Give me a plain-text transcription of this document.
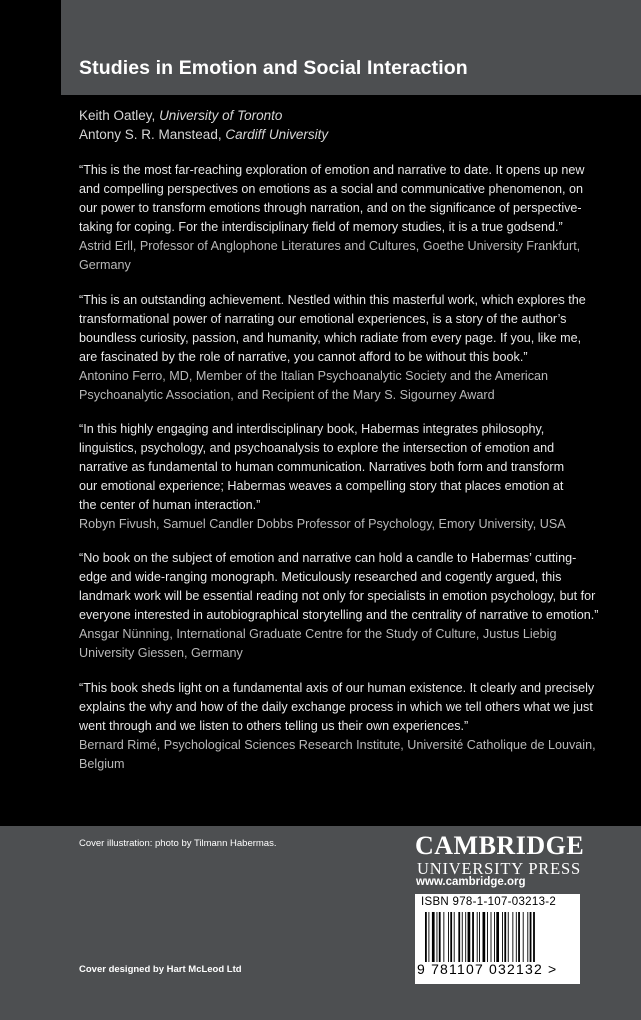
Studies in Emotion and Social Interaction
Keith Oatley, University of Toronto
Antony S. R. Manstead, Cardiff University

“This is the most far-reaching exploration of emotion and narrative to date. It opens up new

and compelling perspectives on emotions as a social and communicative phenomenon, on

our power to transform emotions through narration, and on the significance of perspective-

taking for coping. For the interdisciplinary field of memory studies, it is a true godsend.”

Astrid Erll, Professor of Anglophone Literatures and Cultures, Goethe University Frankfurt,

Germany

“This is an outstanding achievement. Nestled within this masterful work, which explores the

transformational power of narrating our emotional experiences, is a story of the author’s

boundless curiosity, passion, and humanity, which radiate from every page. If you, like me,

are fascinated by the role of narrative, you cannot afford to be without this book.”

Antonino Ferro, MD, Member of the Italian Psychoanalytic Society and the American

Psychoanalytic Association, and Recipient of the Mary S. Sigourney Award

“In this highly engaging and interdisciplinary book, Habermas integrates philosophy,

linguistics, psychology, and psychoanalysis to explore the intersection of emotion and

narrative as fundamental to human communication. Narratives both form and transform

our emotional experience; Habermas weaves a compelling story that places emotion at

the center of human interaction.”

Robyn Fivush, Samuel Candler Dobbs Professor of Psychology, Emory University, USA

“No book on the subject of emotion and narrative can hold a candle to Habermas’ cutting-

edge and wide-ranging monograph. Meticulously researched and cogently argued, this

landmark work will be essential reading not only for specialists in emotion psychology, but for

everyone interested in autobiographical storytelling and the centrality of narrative to emotion.”

Ansgar Nünning, International Graduate Centre for the Study of Culture, Justus Liebig

University Giessen, Germany

“This book sheds light on a fundamental axis of our human existence. It clearly and precisely

explains the why and how of the daily exchange process in which we tell others what we just

went through and we listen to others telling us their own experiences.”

Bernard Rimé, Psychological Sciences Research Institute, Université Catholique de Louvain,

Belgium

Cover illustration: photo by Tilmann Habermas.
Cover designed by Hart McLeod Ltd
CAMBRIDGE
UNIVERSITY PRESS
www.cambridge.org
ISBN 978-1-107-03213-2
9 781107 032132 >
